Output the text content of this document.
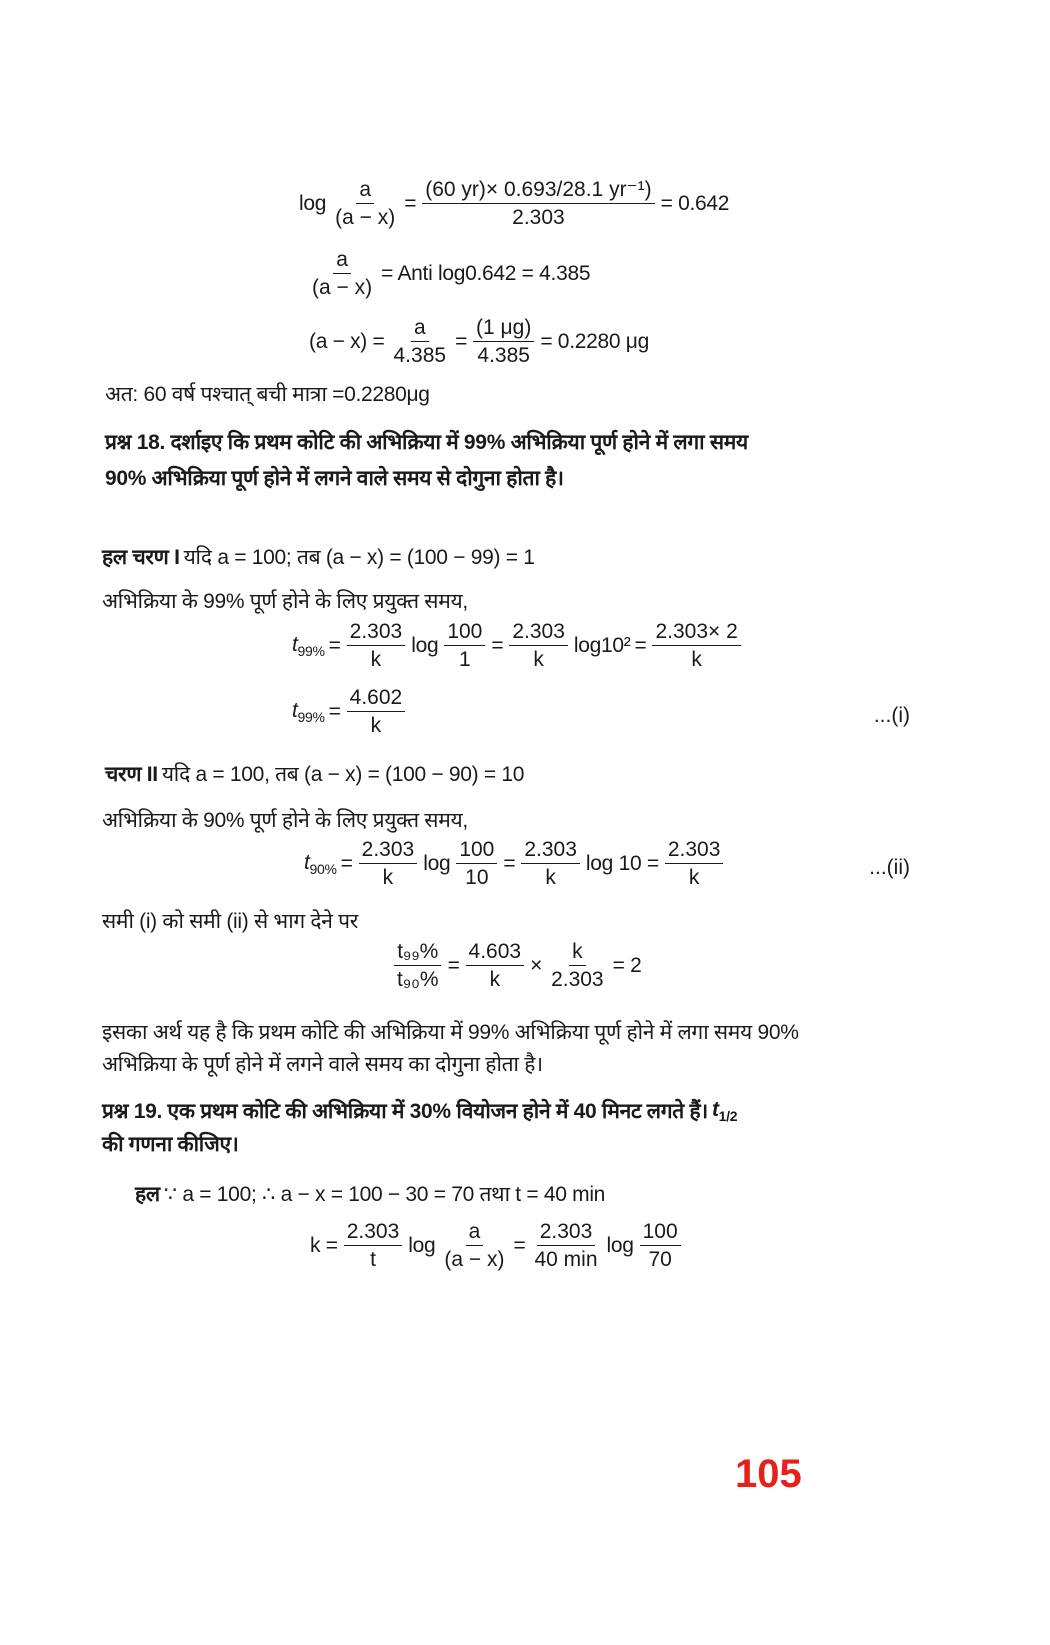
$\log \frac{a}{(a - x)} = \frac{\text{(60 yr)× 0.693/28.1 yr⁻¹)}}{2.303} = 0.642$
$\frac{a}{(a - x)}$ = Anti log0.642 = 4.385
$(a - x) = \frac{a}{4.385} = \frac{(1 \mu g)}{4.385} = 0.2280$ μg
अत: 60 वर्ष पश्चात् बची मात्रा =0.2280μg
प्रश्न 18. दर्शाइए कि प्रथम कोटि की अभिक्रिया में 99% अभिक्रिया पूर्ण होने में लगा समय
90% अभिक्रिया पूर्ण होने में लगने वाले समय से दोगुना होता है।
हल चरण I यदि a = 100; तब (a − x) = (100 − 99) = 1
अभिक्रिया के 99% पूर्ण होने के लिए प्रयुक्त समय,
$t_{99\%} = \frac{2.303}{k}$ $\log \frac{100}{1} = \frac{2.303}{k} \log 10^2 = \frac{2.303\times 2}{k}$
$t_{99\%} = \frac{4.602}{k}$	...(i)
चरण II यदि a = 100, तब (a − x) = (100 − 90) = 10
अभिक्रिया के 90% पूर्ण होने के लिए प्रयुक्त समय,
$t_{90\%} = \frac{2.303}{k}$ $\log \frac{100}{10} = \frac{2.303}{k}$ $\log 10 = \frac{2.303}{k}$	...(ii)
समी (i) को समी (ii) से भाग देने पर
$\frac{\text{t₉₉\%}}{\text{t₉₀\%}} = \frac{4.603}{k} \times \frac{k}{2.303} = 2$
इसका अर्थ यह है कि प्रथम कोटि की अभिक्रिया में 99% अभिक्रिया पूर्ण होने में लगा समय 90%
अभिक्रिया के पूर्ण होने में लगने वाले समय का दोगुना होता है।
प्रश्न 19. एक प्रथम कोटि की अभिक्रिया में 30% वियोजन होने में 40 मिनट लगते हैं। $t_{1/2}$
की गणना कीजिए।
हल ∵ a = 100; ∴ a − x = 100 − 30 = 70 तथा t = 40 min
$k = \frac{2.303}{t}$ $\log \frac{a}{(a - x)} = \frac{2.303}{40 \min}$ $\log \frac{100}{70}$
105
